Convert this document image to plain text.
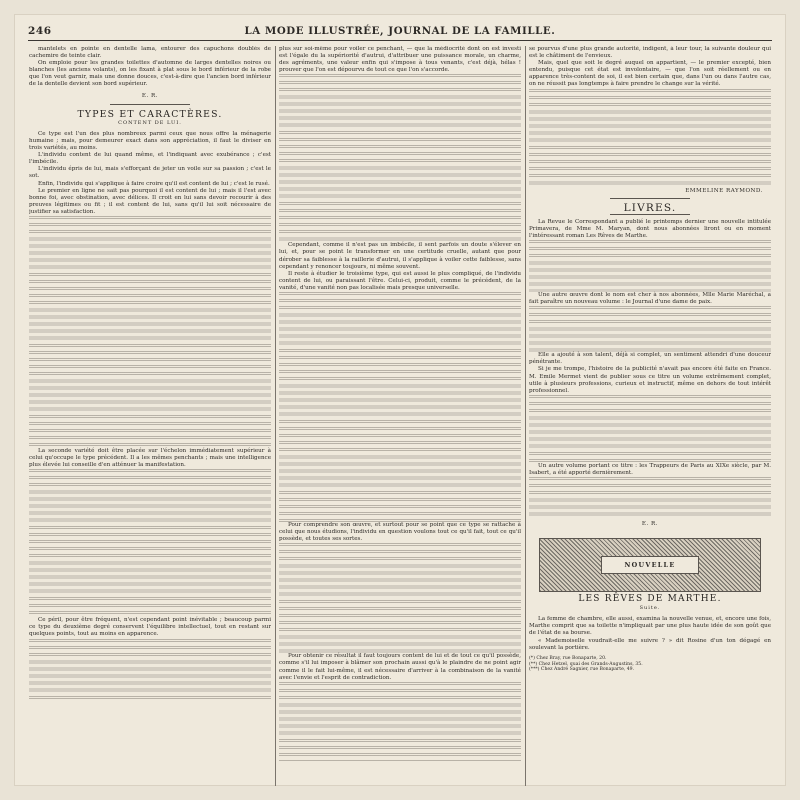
246	LA MODE ILLUSTRÉE, JOURNAL DE LA FAMILLE.

mantelets en pointe en dentelle lama, entourer des capuchons doublés de cachemire de teinte clair.

On emploie pour les grandes toilettes d'automne de larges dentelles noires ou blanches (les anciens volants), on les fixant à plat sous le bord inférieur de la robe que l'on veut garnir, mais une donne douces, c'est-à-dire que l'ancien bord inférieur de la dentelle devient son bord supérieur.

E. R.
TYPES ET CARACTÈRES.
CONTENT DE LUI.

Ce type est l'un des plus nombreux parmi ceux que nous offre la ménagerie humaine ; mais, pour demeurer exact dans son appréciation, il faut le diviser en trois variétés, au moins.

L'individu content de lui quand même, et l'indiquant avec exubérance ; c'est l'imbécile.

L'individu épris de lui, mais s'efforçant de jeter un voile sur sa passion ; c'est le sot.

Enfin, l'individu qui s'applique à faire croire qu'il est content de lui ; c'est le rusé.

Le premier en ligne ne sait pas pourquoi il est content de lui ; mais il l'est avec bonne foi, avec obstination, avec délices. Il croit en lui sans devoir recourir à des preuves légitimes ou fit ; il est content de lui, sans qu'il lui soit nécessaire de justifier sa satisfaction.

La seconde variété doit être placée sur l'échelon immédiatement supérieur à celui qu'occupe le type précédent. Il a les mêmes penchants ; mais une intelligence plus élevée lui conseille d'en atténuer la manifestation.

Ce péril, pour être fréquent, n'est cependant point inévitable ; beaucoup parmi ce type du deuxième degré conservent l'équilibre intellectuel, tout en restant sur quelques points, tout au moins en apparence.

plus sur soi-même pour voiler ce penchant, — que la médiocrité dont on est investi est l'égale du la supériorité d'autrui, d'attribuer une puissance morale, un charme, des agréments, une valeur enfin qui s'impose à tous venants, c'est déjà, hélas ! prouver que l'on est dépourvu de tout ce que l'on s'accorde.

Cependant, comme il n'est pas un imbécile, il sent parfois un doute s'élever en lui, et, pour se point le transformer en une certitude cruelle, autant que pour dérober sa faiblesse à la raillerie d'autrui, il s'applique à voiler cette faiblesse, sans cependant y renoncer toujours, ni même souvent.

Il reste à étudier le troisième type, qui est aussi le plus compliqué, de l'individu content de lui, ou paraissant l'être. Celui-ci, produit, comme le précédent, de la vanité, d'une vanité non pas localisée mais presque universelle.

Pour comprendre son œuvre, et surtout pour se point que ce type se rattache à celui que nous étudions, l'individu en question voulons tout ce qu'il fait, tout ce qu'il possède, et toutes ses sortes.

Pour obtenir ce résultat il faut toujours content de lui et de tout ce qu'il possède, comme s'il lui imposer à blâmer son prochain aussi qu'à le plaindre de ne point agir comme il le fait lui-même, il est nécessaire d'arriver à la combinaison de la vanité avec l'envie et l'esprit de contradiction.

se pourvus d'une plus grande autorité, indigent, à leur tour, la suivante douleur qui est le châtiment de l'envieux.

Mais, quel que soit le degré auquel on appartient, — le premier excepté, bien entendu, puisque cet état est involontaire, — que l'on soit réellement ou en apparence très-content de soi, il est bien certain que, dans l'un ou dans l'autre cas, on ne réussit pas longtemps à faire prendre le change sur la vérité.

EMMELINE RAYMOND.
LIVRES.

La Revue le Correspondant a publié le printemps dernier une nouvelle intitulée Primavera, de Mme M. Maryan, dont nous abonnées liront ou en moment l'intéressant roman Les Rêves de Marthe.

Une autre œuvre dont le nom est cher à nos abonnées, Mlle Marie Maréchal, a fait paraître un nouveau volume : le Journal d'une dame de paix.

Elle a ajouté à son talent, déjà si complet, un sentiment attendri d'une douceur pénétrante.

Si je me trompe, l'histoire de la publicité n'avait pas encore été faite en France. M. Emile Mermet vient de publier sous ce titre un volume extrêmement complet, utile à plusieurs professions, curieux et instructif, même en dehors de tout intérêt professionnel.

Un autre volume portant ce titre : les Trappeurs de Paris au XIXe siècle, par M. Isabert, a été apporté dernièrement.

E. R.
NOUVELLE
LES RÊVES DE MARTHE.
Suite.

La femme de chambre, elle aussi, examina la nouvelle venue, et, encore une fois, Marthe comprit que sa toilette n'impliquait par une plus haute idée de son goût que de l'état de sa bourse.

« Mademoiselle voudrait-elle me suivre ? » dit Rosine d'un ton dégagé en soulevant la portière.

(*) Chez Bray, rue Bonaparte, 20.
(**) Chez Hetzel, quai des Grands-Augustins, 35.
(***) Chez André Sagnier, rue Bonaparte, 49.
